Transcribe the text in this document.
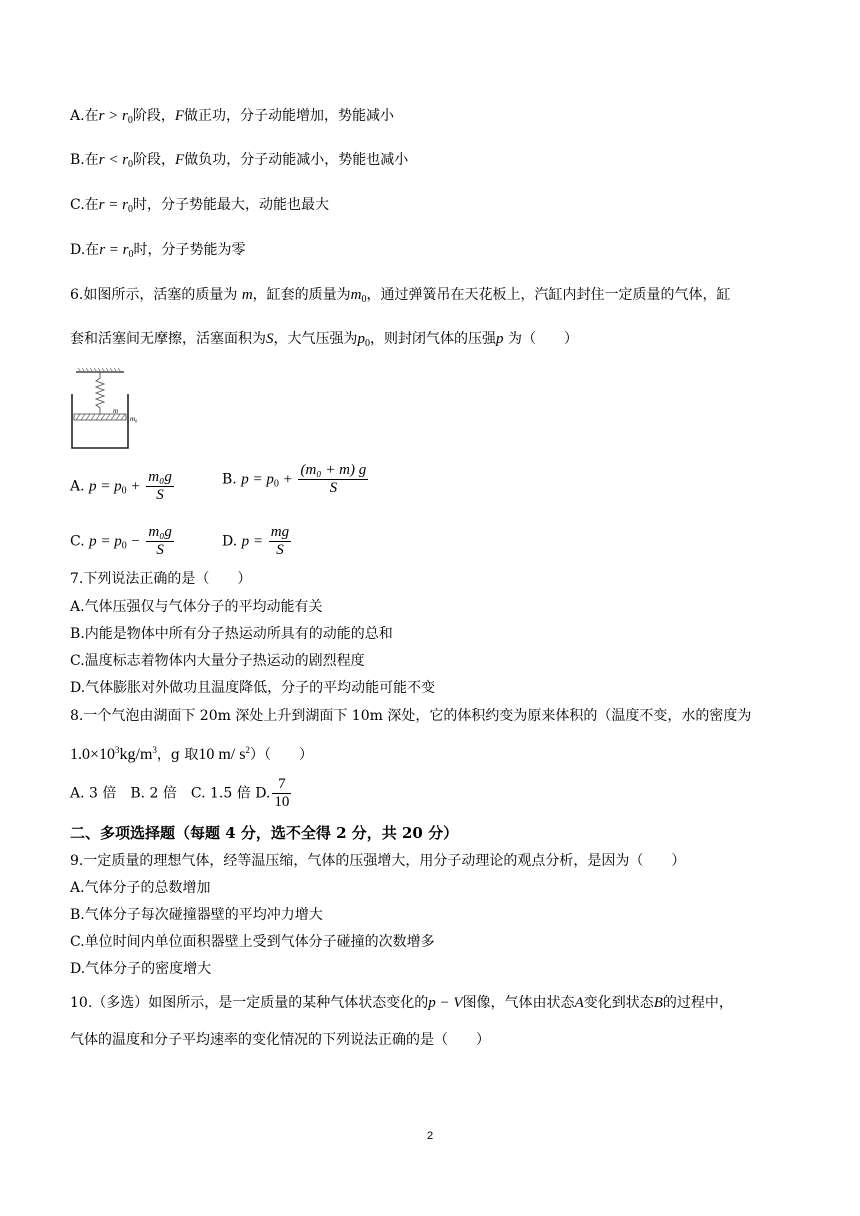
A.在$r > r_0$阶段，F做正功，分子动能增加，势能减小
B.在$r < r_0$阶段，F做负功，分子动能减小，势能也减小
C.在$r = r_0$时，分子势能最大，动能也最大
D.在$r = r_0$时，分子势能为零
6.如图所示，活塞的质量为 m，缸套的质量为$m_0$，通过弹簧吊在天花板上，汽缸内封住一定质量的气体，缸
套和活塞间无摩擦，活塞面积为S，大气压强为$p_0$，则封闭气体的压强p 为（　　）
m
m₀
A. $p = p_0 + \frac{\text{m₀g}}{S}$	B. $p = p_0 + \frac{\text{(m₀ + m) g}}{S}$
C. $p = p_0 - \frac{\text{m₀g}}{S}$	D. $p = \frac{mg}{S}$
7.下列说法正确的是（　　）
A.气体压强仅与气体分子的平均动能有关
B.内能是物体中所有分子热运动所具有的动能的总和
C.温度标志着物体内大量分子热运动的剧烈程度
D.气体膨胀对外做功且温度降低，分子的平均动能可能不变
8.一个气泡由湖面下 20m 深处上升到湖面下 10m 深处，它的体积约变为原来体积的（温度不变，水的密度为
$1.0\times 10^3kg/m^3$，g 取10 m/ $s^2$）（　　）
A. 3 倍　B. 2 倍　C. 1.5 倍 D. $\frac{7}{10}$
二、多项选择题（每题 4 分，选不全得 2 分，共 20 分）
9.一定质量的理想气体，经等温压缩，气体的压强增大，用分子动理论的观点分析，是因为（　　）
A.气体分子的总数增加
B.气体分子每次碰撞器壁的平均冲力增大
C.单位时间内单位面积器壁上受到气体分子碰撞的次数增多
D.气体分子的密度增大
10.（多选）如图所示，是一定质量的某种气体状态变化的p − V图像，气体由状态A变化到状态B的过程中，
气体的温度和分子平均速率的变化情况的下列说法正确的是（　　）
2
